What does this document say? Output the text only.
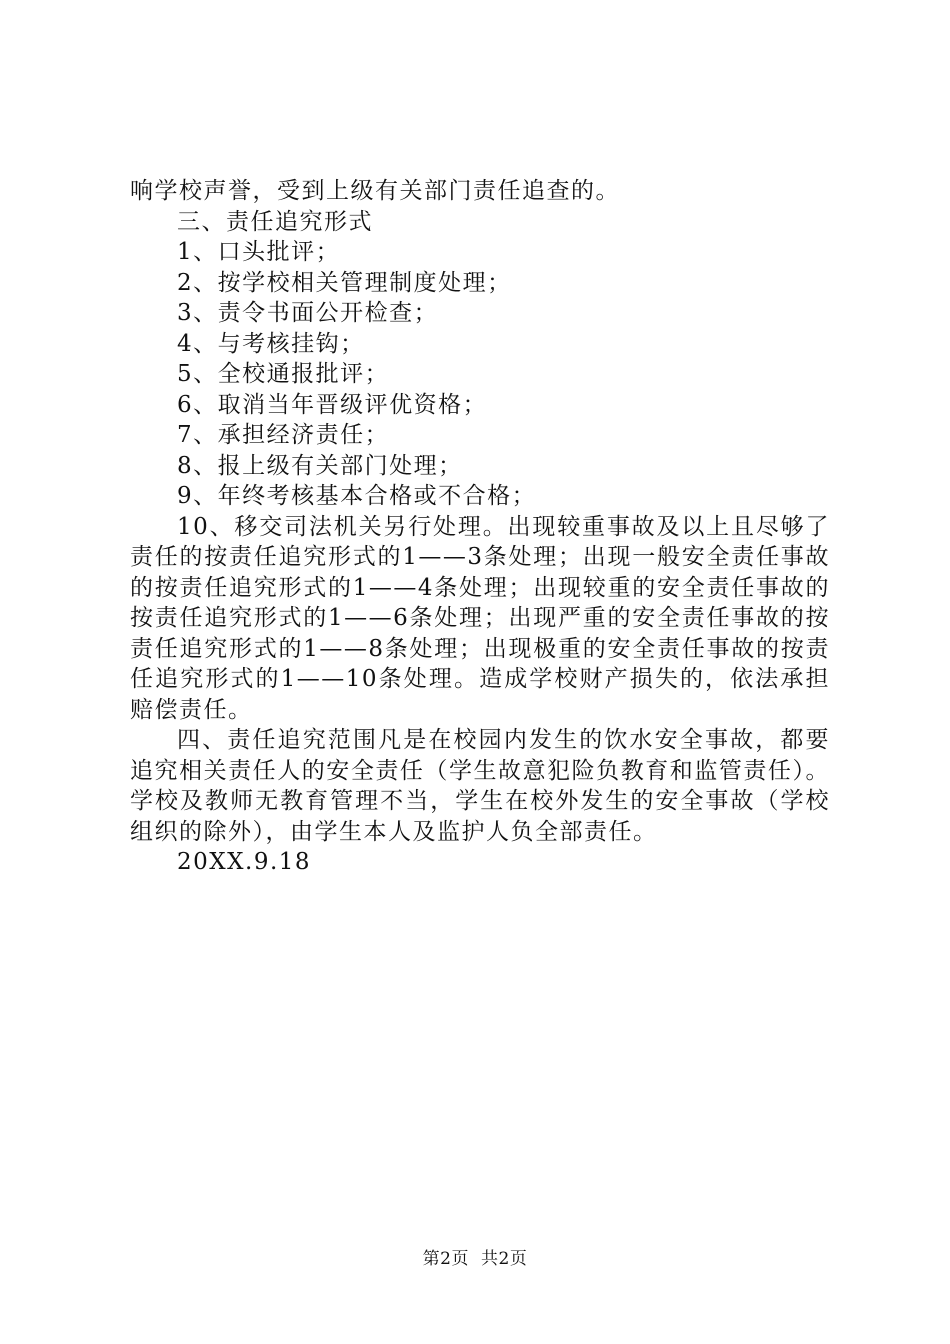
响学校声誉，受到上级有关部门责任追查的。

三、责任追究形式

1、口头批评；
2、按学校相关管理制度处理；
3、责令书面公开检查；
4、与考核挂钩；
5、全校通报批评；
6、取消当年晋级评优资格；
7、承担经济责任；
8、报上级有关部门处理；
9、年终考核基本合格或不合格；

10、移交司法机关另行处理。出现较重事故及以上且尽够了责任的按责任追究形式的1——3条处理；出现一般安全责任事故的按责任追究形式的1——4条处理；出现较重的安全责任事故的按责任追究形式的1——6条处理；出现严重的安全责任事故的按责任追究形式的1——8条处理；出现极重的安全责任事故的按责任追究形式的1——10条处理。造成学校财产损失的，依法承担赔偿责任。

四、责任追究范围凡是在校园内发生的饮水安全事故，都要追究相关责任人的安全责任（学生故意犯险负教育和监管责任）。学校及教师无教育管理不当，学生在校外发生的安全事故（学校组织的除外），由学生本人及监护人负全部责任。

20XX.9.18

第2页 共2页
